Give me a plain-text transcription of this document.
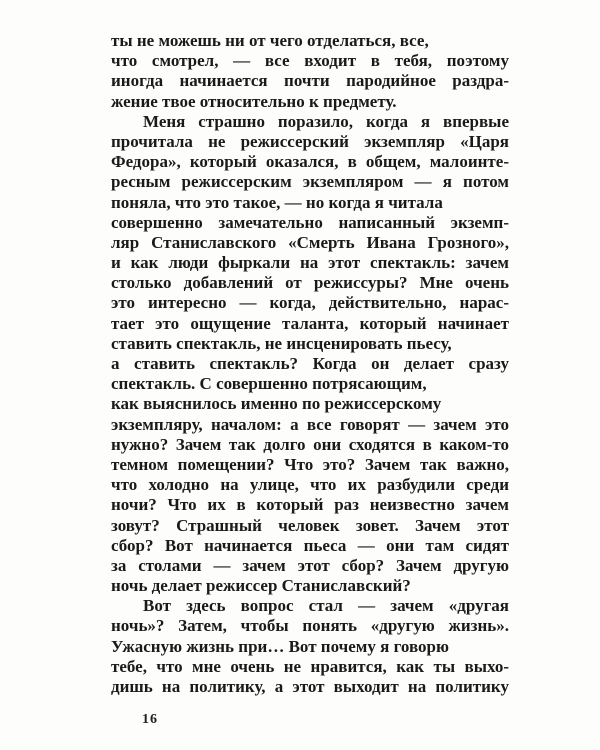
ты не можешь ни от чего отделаться, все,
что смотрел, — все входит в тебя, поэтому
иногда начинается почти пародийное раздра-
жение твое относительно к предмету.
Меня страшно поразило, когда я впервые
прочитала не режиссерский экземпляр «Царя
Федора», который оказался, в общем, малоинте-
ресным режиссерским экземпляром — я потом
поняла, что это такое, — но когда я читала
совершенно замечательно написанный экземп-
ляр Станиславского «Смерть Ивана Грозного»,
и как люди фыркали на этот спектакль: зачем
столько добавлений от режиссуры? Мне очень
это интересно — когда, действительно, нарас-
тает это ощущение таланта, который начинает
ставить спектакль, не инсценировать пьесу,
а ставить спектакль? Когда он делает сразу
спектакль. С совершенно потрясающим,
как выяснилось именно по режиссерскому
экземпляру, началом: а все говорят — зачем это
нужно? Зачем так долго они сходятся в каком-то
темном помещении? Что это? Зачем так важно,
что холодно на улице, что их разбудили среди
ночи? Что их в который раз неизвестно зачем
зовут? Страшный человек зовет. Зачем этот
сбор? Вот начинается пьеса — они там сидят
за столами — зачем этот сбор? Зачем другую
ночь делает режиссер Станиславский?
Вот здесь вопрос стал — зачем «другая
ночь»? Затем, чтобы понять «другую жизнь».
Ужасную жизнь при… Вот почему я говорю
тебе, что мне очень не нравится, как ты выхо-
дишь на политику, а этот выходит на политику
16
